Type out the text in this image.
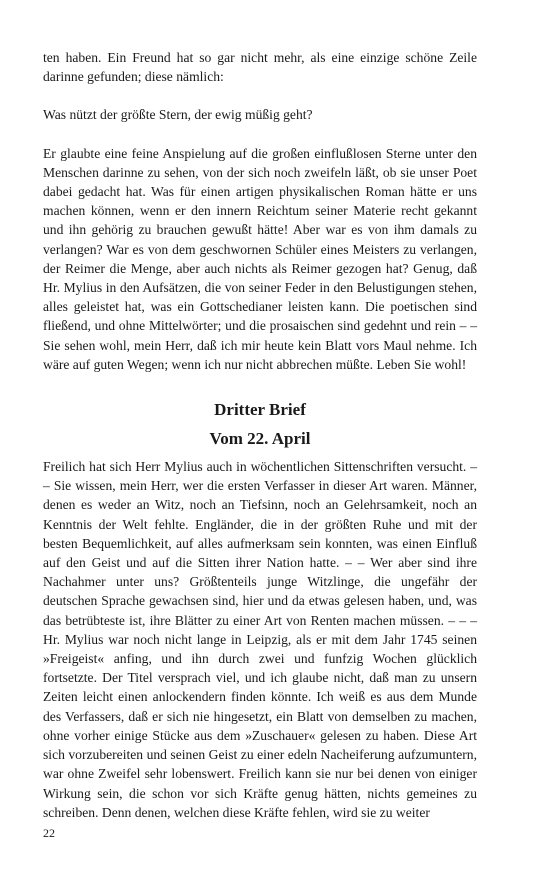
ten haben. Ein Freund hat so gar nicht mehr, als eine einzige schöne Zeile darinne gefunden; diese nämlich:

Was nützt der größte Stern, der ewig müßig geht?

Er glaubte eine feine Anspielung auf die großen einflußlosen Sterne unter den Menschen darinne zu sehen, von der sich noch zweifeln läßt, ob sie unser Poet dabei gedacht hat. Was für einen artigen physikalischen Roman hätte er uns machen können, wenn er den innern Reichtum seiner Materie recht gekannt und ihn gehörig zu brauchen gewußt hätte! Aber war es von ihm damals zu verlangen? War es von dem geschwornen Schüler eines Meisters zu verlangen, der Reimer die Menge, aber auch nichts als Reimer gezogen hat? Genug, daß Hr. Mylius in den Aufsätzen, die von seiner Feder in den Belustigungen stehen, alles geleistet hat, was ein Gottschedianer leisten kann. Die poetischen sind fließend, und ohne Mittelwörter; und die prosaischen sind gedehnt und rein – – Sie sehen wohl, mein Herr, daß ich mir heute kein Blatt vors Maul nehme. Ich wäre auf guten Wegen; wenn ich nur nicht abbrechen müßte. Leben Sie wohl!

Dritter Brief
Vom 22. April

Freilich hat sich Herr Mylius auch in wöchentlichen Sittenschriften versucht. – – Sie wissen, mein Herr, wer die ersten Verfasser in dieser Art waren. Männer, denen es weder an Witz, noch an Tiefsinn, noch an Gelehrsamkeit, noch an Kenntnis der Welt fehlte. Engländer, die in der größten Ruhe und mit der besten Bequemlichkeit, auf alles aufmerksam sein konnten, was einen Einfluß auf den Geist und auf die Sitten ihrer Nation hatte. – – Wer aber sind ihre Nachahmer unter uns? Größtenteils junge Witzlinge, die ungefähr der deutschen Sprache gewachsen sind, hier und da etwas gelesen haben, und, was das betrübteste ist, ihre Blätter zu einer Art von Renten machen müssen. – – – Hr. Mylius war noch nicht lange in Leipzig, als er mit dem Jahr 1745 seinen »Freigeist« anfing, und ihn durch zwei und funfzig Wochen glücklich fortsetzte. Der Titel versprach viel, und ich glaube nicht, daß man zu unsern Zeiten leicht einen anlockendern finden könnte. Ich weiß es aus dem Munde des Verfassers, daß er sich nie hingesetzt, ein Blatt von demselben zu machen, ohne vorher einige Stücke aus dem »Zuschauer« gelesen zu haben. Diese Art sich vorzubereiten und seinen Geist zu einer edeln Nacheiferung aufzumuntern, war ohne Zweifel sehr lobenswert. Freilich kann sie nur bei denen von einiger Wirkung sein, die schon vor sich Kräfte genug hätten, nichts gemeines zu schreiben. Denn denen, welchen diese Kräfte fehlen, wird sie zu weiter

22
